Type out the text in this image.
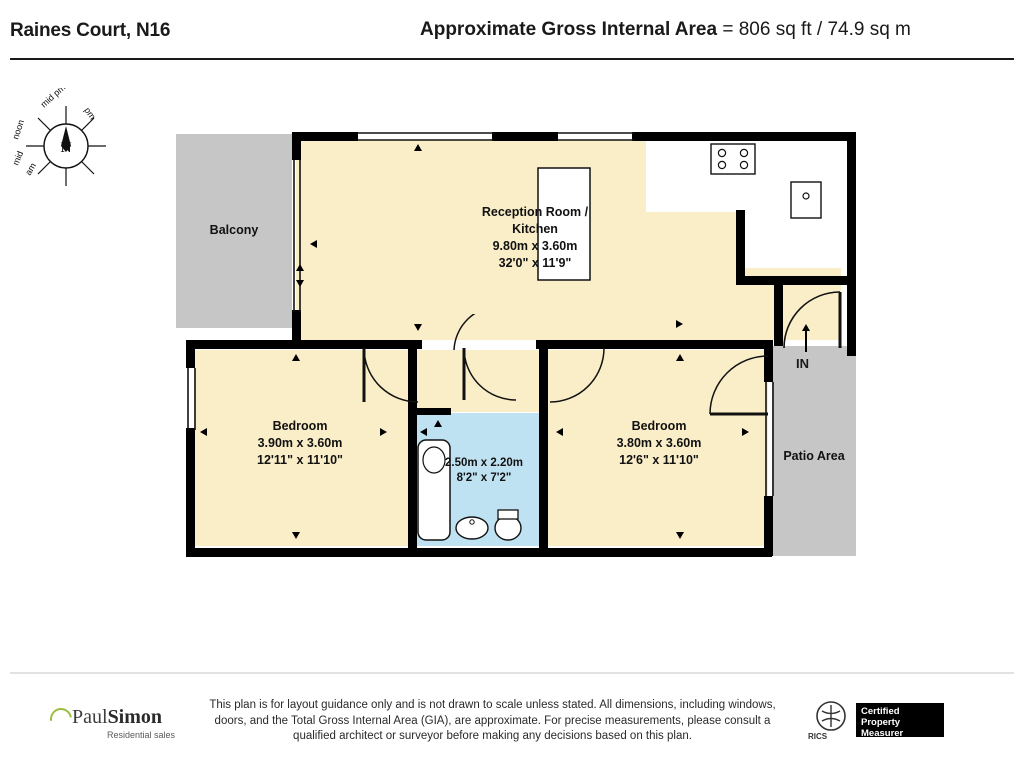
Raines Court, N16	Approximate Gross Internal Area = 806 sq ft / 74.9 sq m
N
mid pm
pm
noon
am
mid
IN
Balcony
Patio Area
Reception Room /
Kitchen
9.80m x 3.60m
32'0" x 11'9"
Bedroom
3.90m x 3.60m
12'11" x 11'10"
Bedroom
3.80m x 3.60m
12'6" x 11'10"
2.50m x 2.20m
8'2" x 7'2"
PaulSimon
Residential sales
This plan is for layout guidance only and is not drawn to scale unless stated. All dimensions, including windows, doors, and the Total Gross Internal Area (GIA), are approximate. For precise measurements, please consult a qualified architect or surveyor before making any decisions based on this plan.	RICS
Certified
Property
Measurer
